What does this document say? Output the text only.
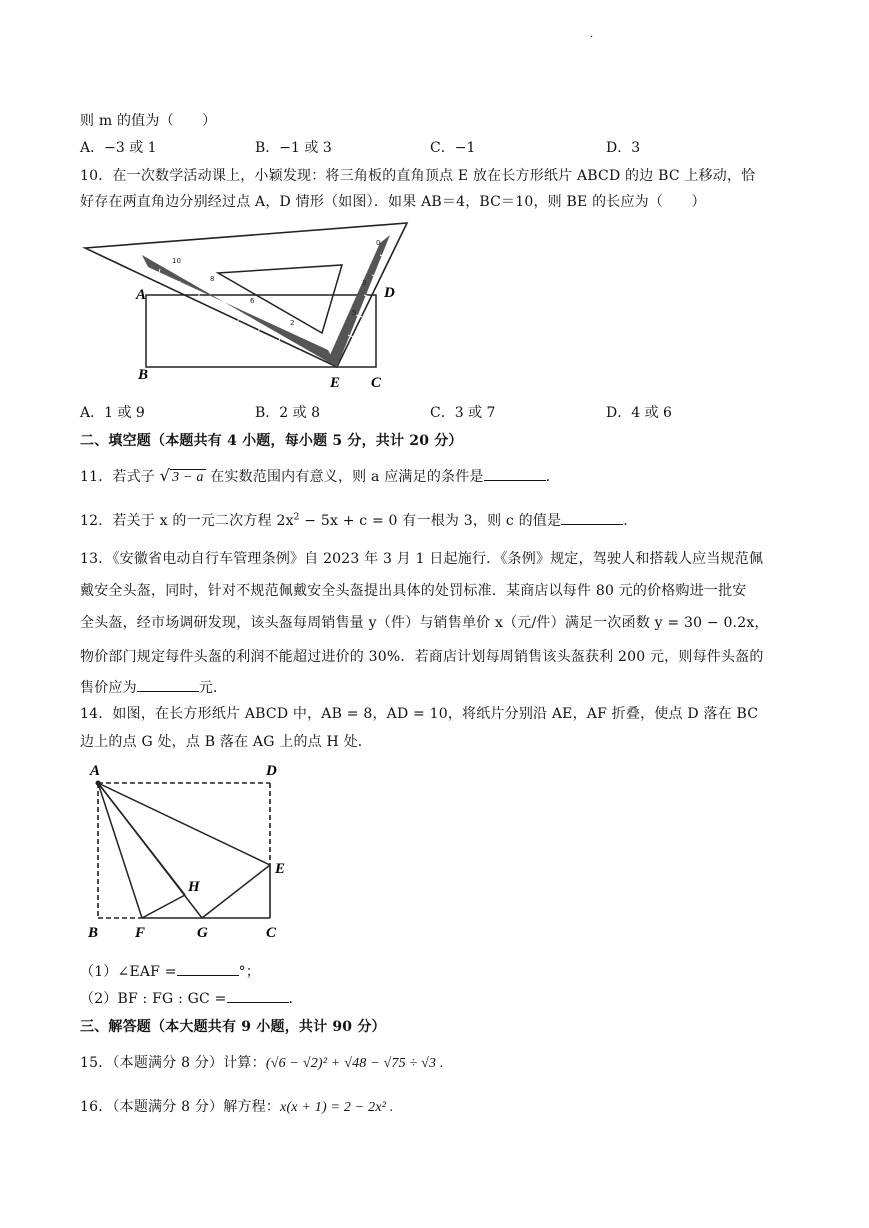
·
则 m 的值为（　　）
A．−3 或 1	B．−1 或 3	C．−1	D．3
10．在一次数学活动课上，小颖发现：将三角板的直角顶点 E 放在长方形纸片 ABCD 的边 BC 上移动，恰
好存在两直角边分别经过点 A，D 情形（如图）．如果 AB＝4，BC＝10，则 BE 的长应为（　　）
10
8
6
2
0
3
5
A	D
B	E C
A．1 或 9	B．2 或 8	C．3 或 7	D．4 或 6
二、填空题（本题共有 4 小题，每小题 5 分，共计 20 分）
11．若式子 √ 3 − a 在实数范围内有意义，则 a 应满足的条件是	.
12．若关于 x 的一元二次方程 $2x^2 - 5x + c = 0$ 有一根为 3，则 c 的值是	.
13．《安徽省电动自行车管理条例》自 2023 年 3 月 1 日起施行．《条例》规定，驾驶人和搭载人应当规范佩
戴安全头盔，同时，针对不规范佩戴安全头盔提出具体的处罚标准．某商店以每件 80 元的价格购进一批安
全头盔，经市场调研发现，该头盔每周销售量 y（件）与销售单价 x（元/件）满足一次函数 y = 30 − 0.2x，
物价部门规定每件头盔的利润不能超过进价的 30%．若商店计划每周销售该头盔获利 200 元，则每件头盔的
售价应为	元．
14．如图，在长方形纸片 ABCD 中，AB = 8，AD = 10，将纸片分别沿 AE，AF 折叠，使点 D 落在 BC
边上的点 G 处，点 B 落在 AG 上的点 H 处．
A	D
E
H
B F	G	C
（1）∠EAF =	°；
（2）BF : FG : GC =	.
三、解答题（本大题共有 9 小题，共计 90 分）
15．（本题满分 8 分）计算：(√6 − √2)² + √48 − √75 ÷ √3 .
16．（本题满分 8 分）解方程：x(x + 1) = 2 − 2x² .
